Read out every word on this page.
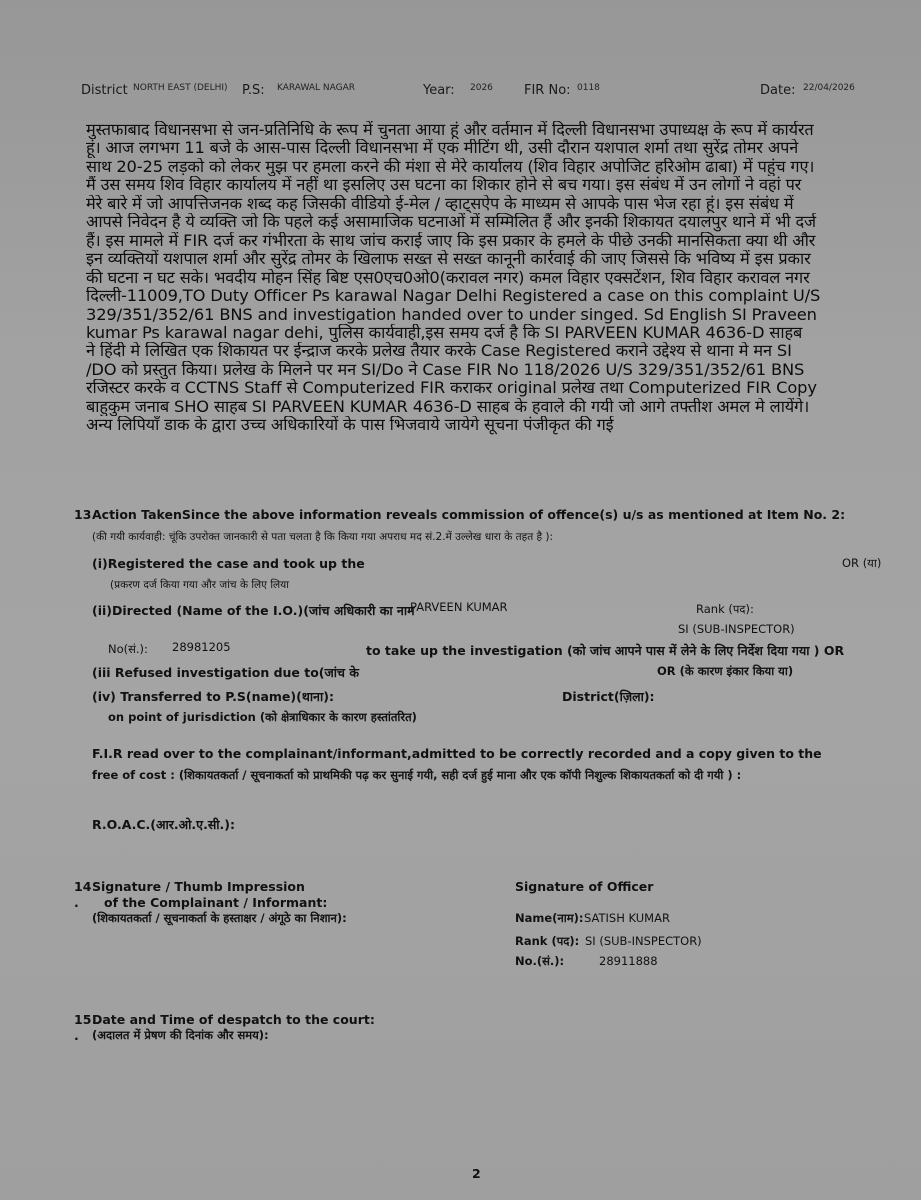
District NORTH EAST (DELHI) P.S: KARAWAL NAGAR	Year: 2026 FIR No: 0118	Date: 22/04/2026
मुस्तफाबाद विधानसभा से जन-प्रतिनिधि के रूप में चुनता आया हूं और वर्तमान में दिल्ली विधानसभा उपाध्यक्ष के रूप में कार्यरत
हूं। आज लगभग 11 बजे के आस-पास दिल्ली विधानसभा में एक मीटिंग थी, उसी दौरान यशपाल शर्मा तथा सुरेंद्र तोमर अपने
साथ 20-25 लड़को को लेकर मुझ पर हमला करने की मंशा से मेरे कार्यालय (शिव विहार अपोजिट हरिओम ढाबा) में पहुंच गए।
मैं उस समय शिव विहार कार्यालय में नहीं था इसलिए उस घटना का शिकार होने से बच गया। इस संबंध में उन लोगों ने वहां पर
मेरे बारे में जो आपत्तिजनक शब्द कह जिसकी वीडियो ई-मेल / व्हाट्सऐप के माध्यम से आपके पास भेज रहा हूं। इस संबंध में
आपसे निवेदन है ये व्यक्ति जो कि पहले कई असामाजिक घटनाओं में सम्मिलित हैं और इनकी शिकायत दयालपुर थाने में भी दर्ज
हैं। इस मामले में FIR दर्ज कर गंभीरता के साथ जांच कराई जाए कि इस प्रकार के हमले के पीछे उनकी मानसिकता क्या थी और
इन व्यक्तियों यशपाल शर्मा और सुरेंद्र तोमर के खिलाफ सख्त से सख्त कानूनी कार्रवाई की जाए जिससे कि भविष्य में इस प्रकार
की घटना न घट सके। भवदीय मोहन सिंह बिष्ट एस0एच0ओ0(करावल नगर) कमल विहार एक्सटेंशन, शिव विहार करावल नगर
दिल्ली-11009,TO Duty Officer Ps karawal Nagar Delhi Registered a case on this complaint U/S
329/351/352/61 BNS and investigation handed over to under singed. Sd English SI Praveen
kumar Ps karawal nagar dehi, पुलिस कार्यवाही,इस समय दर्ज है कि SI PARVEEN KUMAR 4636-D साहब
ने हिंदी मे लिखित एक शिकायत पर ईन्द्राज करके प्रलेख तैयार करके Case Registered कराने उद्देश्य से थाना मे मन SI
/DO को प्रस्तुत किया। प्रलेख के मिलने पर मन SI/Do ने Case FIR No 118/2026 U/S 329/351/352/61 BNS
रजिस्टर करके व CCTNS Staff से Computerized FIR कराकर original प्रलेख तथा Computerized FIR Copy
बाहुकुम जनाब SHO साहब SI PARVEEN KUMAR 4636-D साहब के हवाले की गयी जो आगे तफ्तीश अमल मे लायेंगे।
अन्य लिपियाँ डाक के द्वारा उच्च अधिकारियों के पास भिजवाये जायेगे सूचना पंजीकृत की गई
13 Action TakenSince the above information reveals commission of offence(s) u/s as mentioned at Item No. 2:
(की गयी कार्यवाही: चूंकि उपरोक्त जानकारी से पता चलता है कि किया गया अपराध मद सं.2.में उल्लेख धारा के तहत है ):
(i)Registered the case and took up the	OR (या)
(प्रकरण दर्ज किया गया और जांच के लिए लिया
(ii)Directed (Name of the I.O.)(जांच अधिकारी का नाम
PARVEEN KUMAR	Rank (पद):
SI (SUB-INSPECTOR)
No(सं.): 28981205	to take up the investigation (को जांच आपने पास में लेने के लिए निर्देश दिया गया ) OR
(iii Refused investigation due to(जांच के	OR (के कारण इंकार किया या)
(iv) Transferred to P.S(name)(थाना):	District(ज़िला):
on point of jurisdiction (को क्षेत्राधिकार के कारण हस्तांतरित)
F.I.R read over to the complainant/informant,admitted to be correctly recorded and a copy given to the
free of cost : (शिकायतकर्ता / सूचनाकर्ता को प्राथमिकी पढ़ कर सुनाई गयी, सही दर्ज हुई माना और एक कॉपी निशुल्क शिकायतकर्ता को दी गयी ) :
R.O.A.C.(आर.ओ.ए.सी.):
14
.
Signature / Thumb Impression
of the Complainant / Informant:
(शिकायतकर्ता / सूचनाकर्ता के हस्ताक्षर / अंगूठे का निशान):
Signature of Officer
Name(नाम): SATISH KUMAR
Rank (पद): SI (SUB-INSPECTOR)
No.(सं.):	28911888
15
.
Date and Time of despatch to the court:
(अदालत में प्रेषण की दिनांक और समय):
2
